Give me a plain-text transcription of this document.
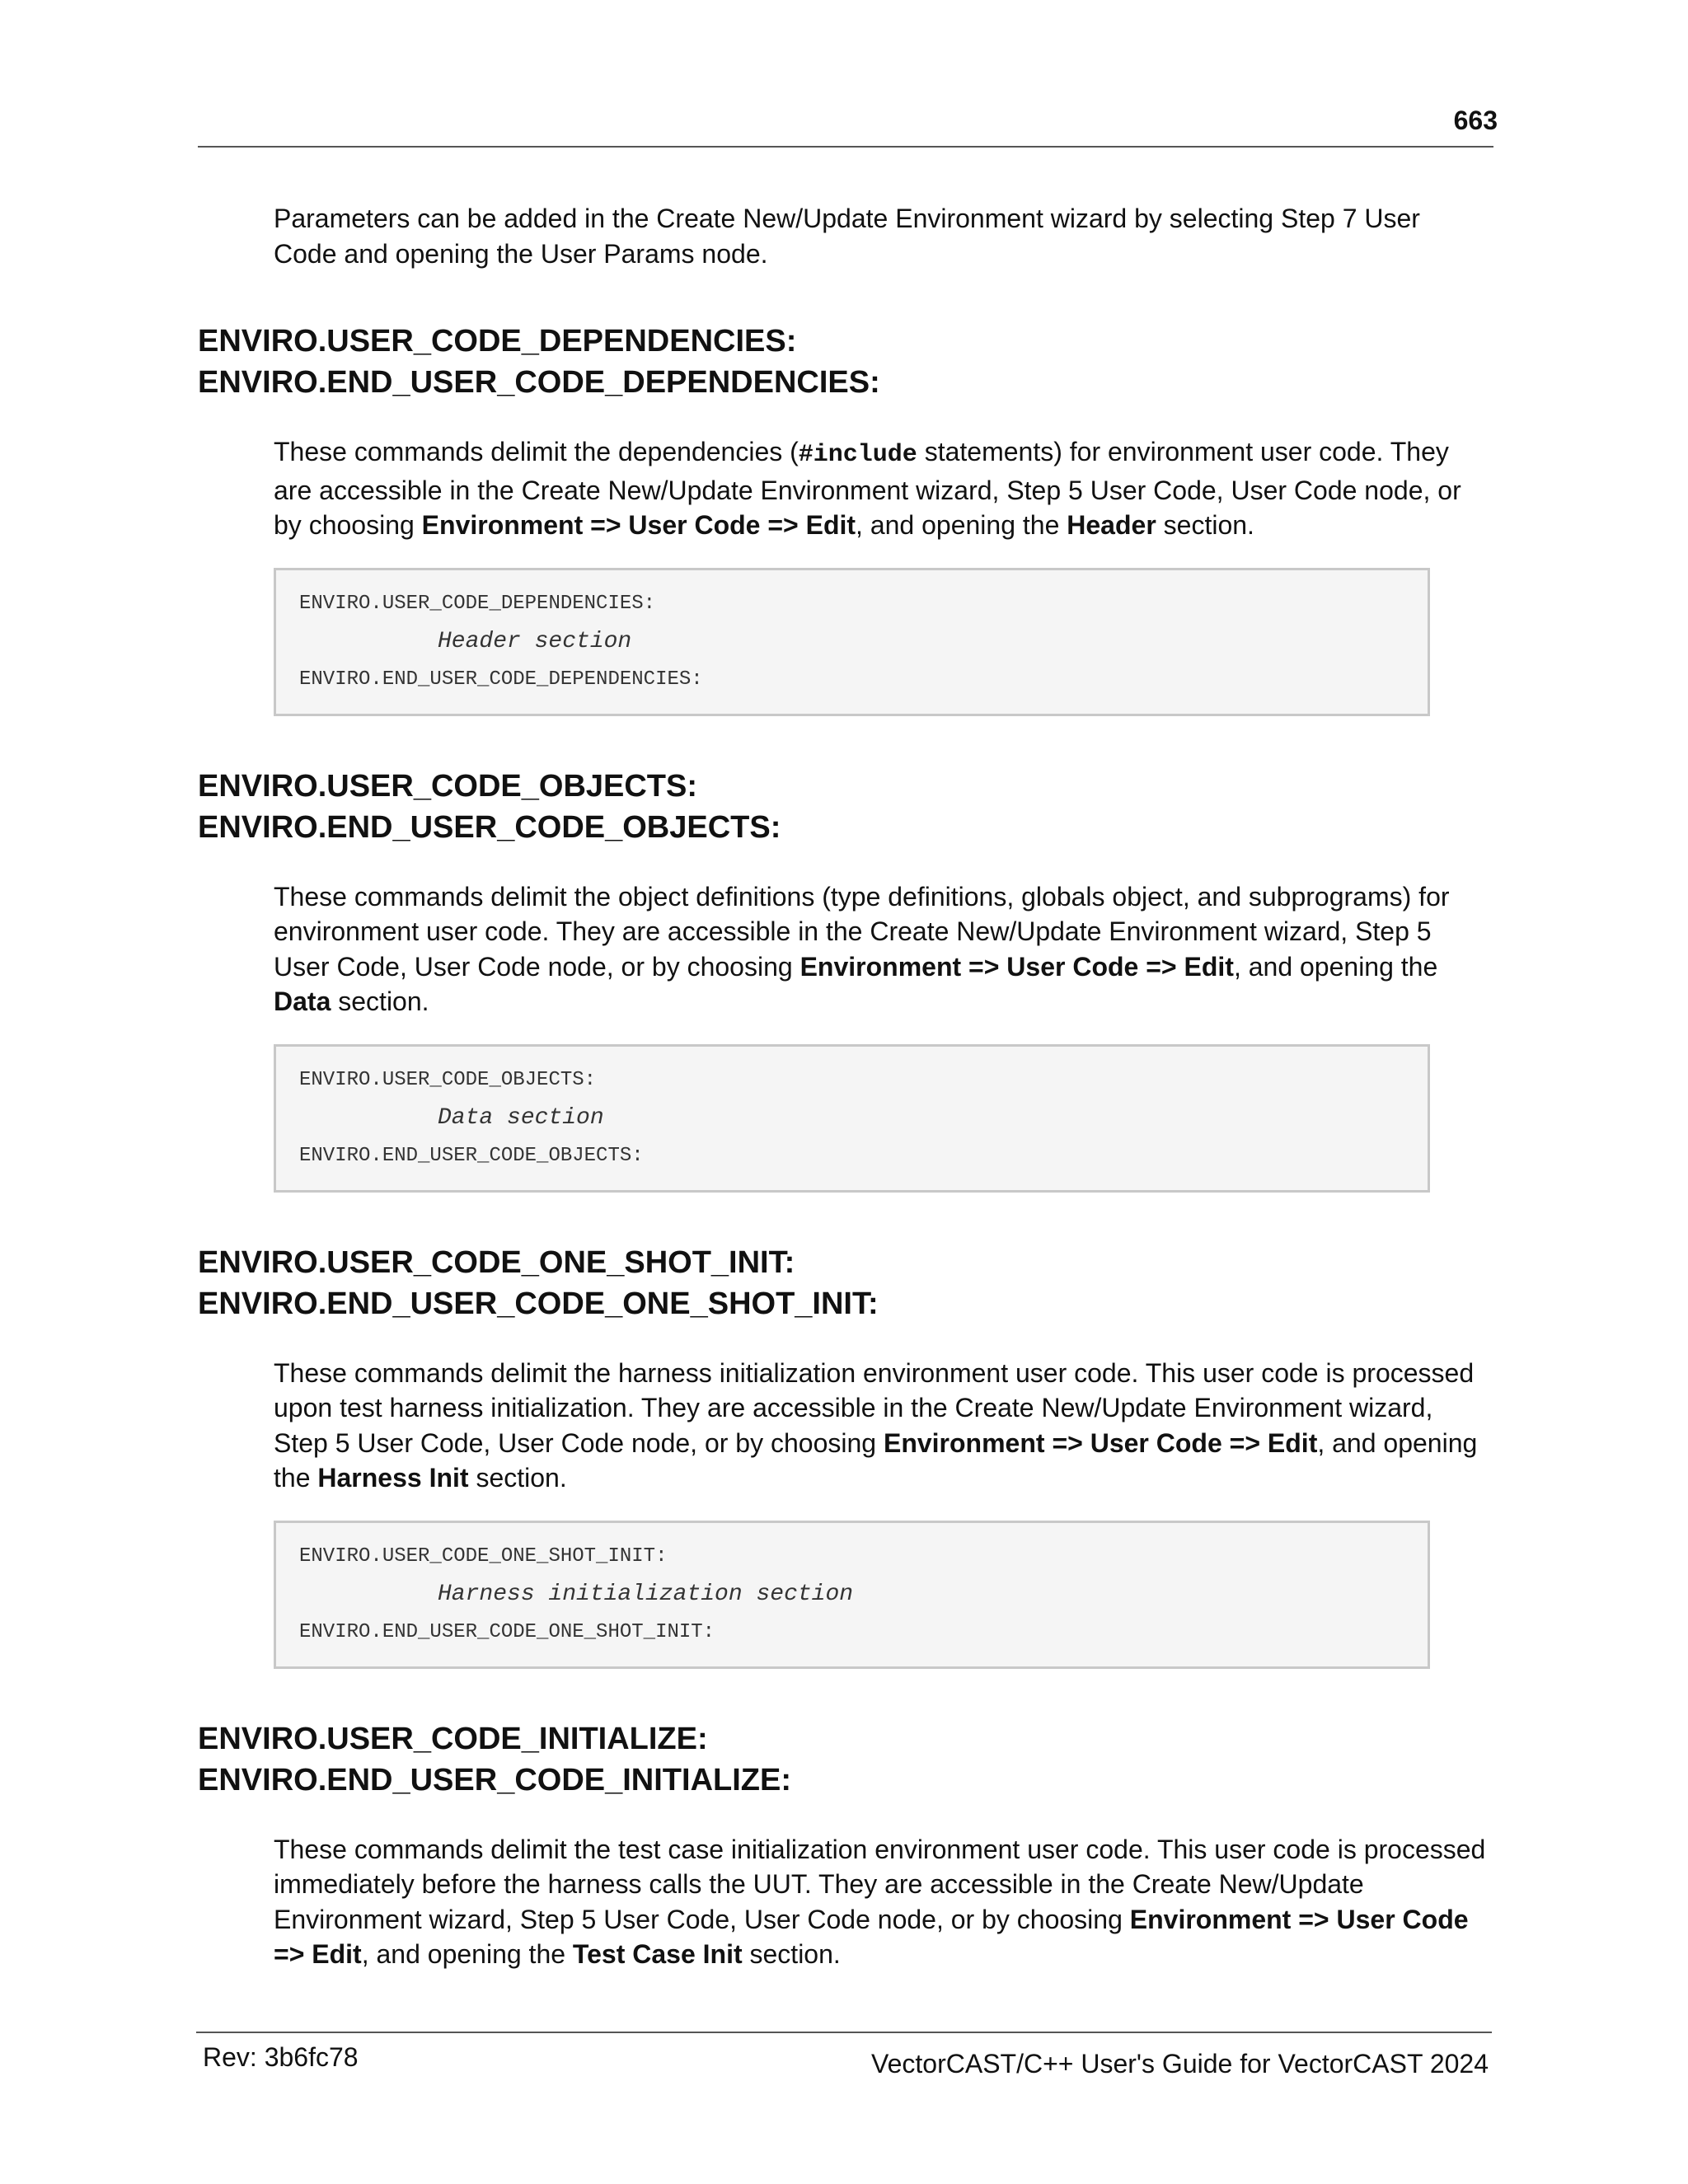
663

Parameters can be added in the Create New/Update Environment wizard by selecting Step 7 User Code and opening the User Params node.

ENVIRO.USER_CODE_DEPENDENCIES:
ENVIRO.END_USER_CODE_DEPENDENCIES:

These commands delimit the dependencies (#include statements) for environment user code. They are accessible in the Create New/Update Environment wizard, Step 5 User Code, User Code node, or by choosing Environment => User Code => Edit, and opening the Header section.

ENVIRO.USER_CODE_DEPENDENCIES:
Header section
ENVIRO.END_USER_CODE_DEPENDENCIES:
ENVIRO.USER_CODE_OBJECTS:
ENVIRO.END_USER_CODE_OBJECTS:

These commands delimit the object definitions (type definitions, globals object, and subprograms) for environment user code. They are accessible in the Create New/Update Environment wizard, Step 5 User Code, User Code node, or by choosing Environment => User Code => Edit, and opening the Data section.

ENVIRO.USER_CODE_OBJECTS:
Data section
ENVIRO.END_USER_CODE_OBJECTS:
ENVIRO.USER_CODE_ONE_SHOT_INIT:
ENVIRO.END_USER_CODE_ONE_SHOT_INIT:

These commands delimit the harness initialization environment user code. This user code is processed upon test harness initialization. They are accessible in the Create New/Update Environment wizard, Step 5 User Code, User Code node, or by choosing Environment => User Code => Edit, and opening the Harness Init section.

ENVIRO.USER_CODE_ONE_SHOT_INIT:
Harness initialization section
ENVIRO.END_USER_CODE_ONE_SHOT_INIT:
ENVIRO.USER_CODE_INITIALIZE:
ENVIRO.END_USER_CODE_INITIALIZE:

These commands delimit the test case initialization environment user code. This user code is processed immediately before the harness calls the UUT. They are accessible in the Create New/Update Environment wizard, Step 5 User Code, User Code node, or by choosing Environment => User Code => Edit, and opening the Test Case Init section.

Rev: 3b6fc78	VectorCAST/C++ User's Guide for VectorCAST 2024
